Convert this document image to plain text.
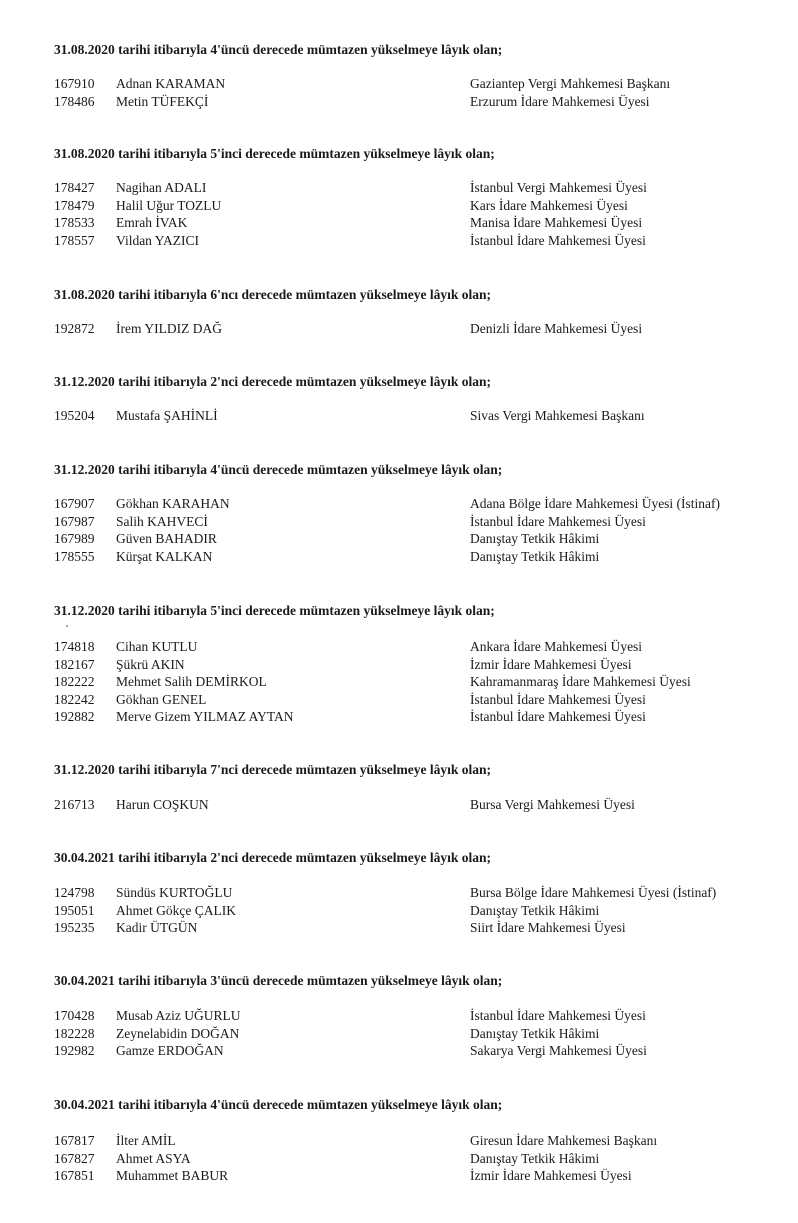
31.08.2020 tarihi itibarıyla 4'üncü derecede mümtazen yükselmeye lâyık olan;
167910 Adnan KARAMAN	Gaziantep Vergi Mahkemesi Başkanı
178486 Metin TÜFEKÇİ	Erzurum İdare Mahkemesi Üyesi
31.08.2020 tarihi itibarıyla 5'inci derecede mümtazen yükselmeye lâyık olan;
178427 Nagihan ADALI	İstanbul Vergi Mahkemesi Üyesi
178479 Halil Uğur TOZLU	Kars İdare Mahkemesi Üyesi
178533 Emrah İVAK	Manisa İdare Mahkemesi Üyesi
178557 Vildan YAZICI	İstanbul İdare Mahkemesi Üyesi
31.08.2020 tarihi itibarıyla 6'ncı derecede mümtazen yükselmeye lâyık olan;
192872 İrem YILDIZ DAĞ	Denizli İdare Mahkemesi Üyesi
31.12.2020 tarihi itibarıyla 2'nci derecede mümtazen yükselmeye lâyık olan;
195204 Mustafa ŞAHİNLİ	Sivas Vergi Mahkemesi Başkanı
31.12.2020 tarihi itibarıyla 4'üncü derecede mümtazen yükselmeye lâyık olan;
167907 Gökhan KARAHAN	Adana Bölge İdare Mahkemesi Üyesi (İstinaf)
167987 Salih KAHVECİ	İstanbul İdare Mahkemesi Üyesi
167989 Güven BAHADIR	Danıştay Tetkik Hâkimi
178555 Kürşat KALKAN	Danıştay Tetkik Hâkimi
31.12.2020 tarihi itibarıyla 5'inci derecede mümtazen yükselmeye lâyık olan;
174818 Cihan KUTLU	Ankara İdare Mahkemesi Üyesi
182167 Şükrü AKIN	İzmir İdare Mahkemesi Üyesi
182222 Mehmet Salih DEMİRKOL	Kahramanmaraş İdare Mahkemesi Üyesi
182242 Gökhan GENEL	İstanbul İdare Mahkemesi Üyesi
192882 Merve Gizem YILMAZ AYTAN	İstanbul İdare Mahkemesi Üyesi
31.12.2020 tarihi itibarıyla 7'nci derecede mümtazen yükselmeye lâyık olan;
216713 Harun COŞKUN	Bursa Vergi Mahkemesi Üyesi
30.04.2021 tarihi itibarıyla 2'nci derecede mümtazen yükselmeye lâyık olan;
124798 Sündüs KURTOĞLU	Bursa Bölge İdare Mahkemesi Üyesi (İstinaf)
195051 Ahmet Gökçe ÇALIK	Danıştay Tetkik Hâkimi
195235 Kadir ÜTGÜN	Siirt İdare Mahkemesi Üyesi
30.04.2021 tarihi itibarıyla 3'üncü derecede mümtazen yükselmeye lâyık olan;
170428 Musab Aziz UĞURLU	İstanbul İdare Mahkemesi Üyesi
182228 Zeynelabidin DOĞAN	Danıştay Tetkik Hâkimi
192982 Gamze ERDOĞAN	Sakarya Vergi Mahkemesi Üyesi
30.04.2021 tarihi itibarıyla 4'üncü derecede mümtazen yükselmeye lâyık olan;
167817 İlter AMİL	Giresun İdare Mahkemesi Başkanı
167827 Ahmet ASYA	Danıştay Tetkik Hâkimi
167851 Muhammet BABUR	İzmir İdare Mahkemesi Üyesi
